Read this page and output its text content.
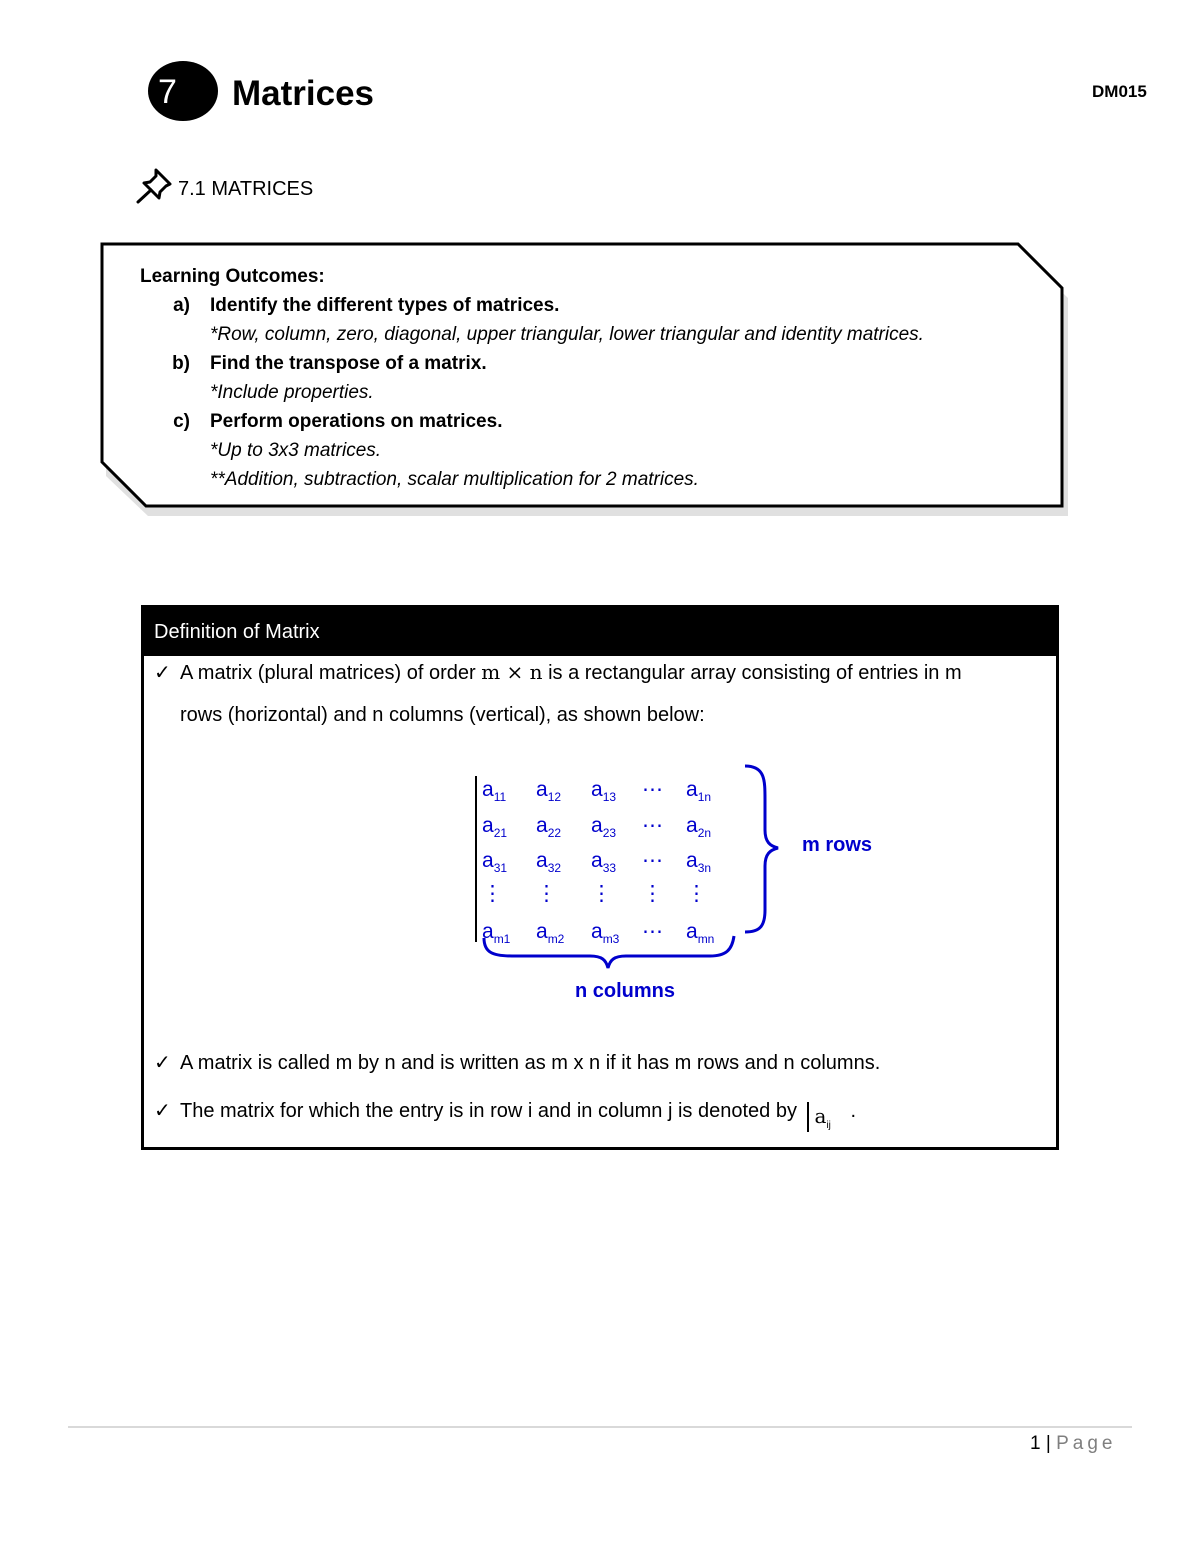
7 Matrices	DM015
7.1 MATRICES
Learning Outcomes:
a)	Identify the different types of matrices.
*Row, column, zero, diagonal, upper triangular, lower triangular and identity matrices.
b)	Find the transpose of a matrix.
*Include properties.
c)	Perform operations on matrices.
*Up to 3x3 matrices.
**Addition, subtraction, scalar multiplication for 2 matrices.
Definition of Matrix
✓ A matrix (plural matrices) of order m × n is a rectangular array consisting of entries in m
rows (horizontal) and n columns (vertical), as shown below:
$a_{11}$ $a_{12}$ $a_{13}$ ⋯ $a_{1n}$
$a_{21}$ $a_{22}$ $a_{23}$ ⋯ $a_{2n}$
$a_{31}$ $a_{32}$ $a_{33}$ ⋯ $a_{3n}$
⋮ ⋮ ⋮ ⋮ ⋮
$a_{m1}$ $a_{m2}$ $a_{m3}$ ⋯ $a_{mn}$
m rows
n columns
✓ A matrix is called m by n and is written as m x n if it has m rows and n columns.
✓ The matrix for which the entry is in row i and in column j is denoted by $a_{ij}$ .
1 | Page
